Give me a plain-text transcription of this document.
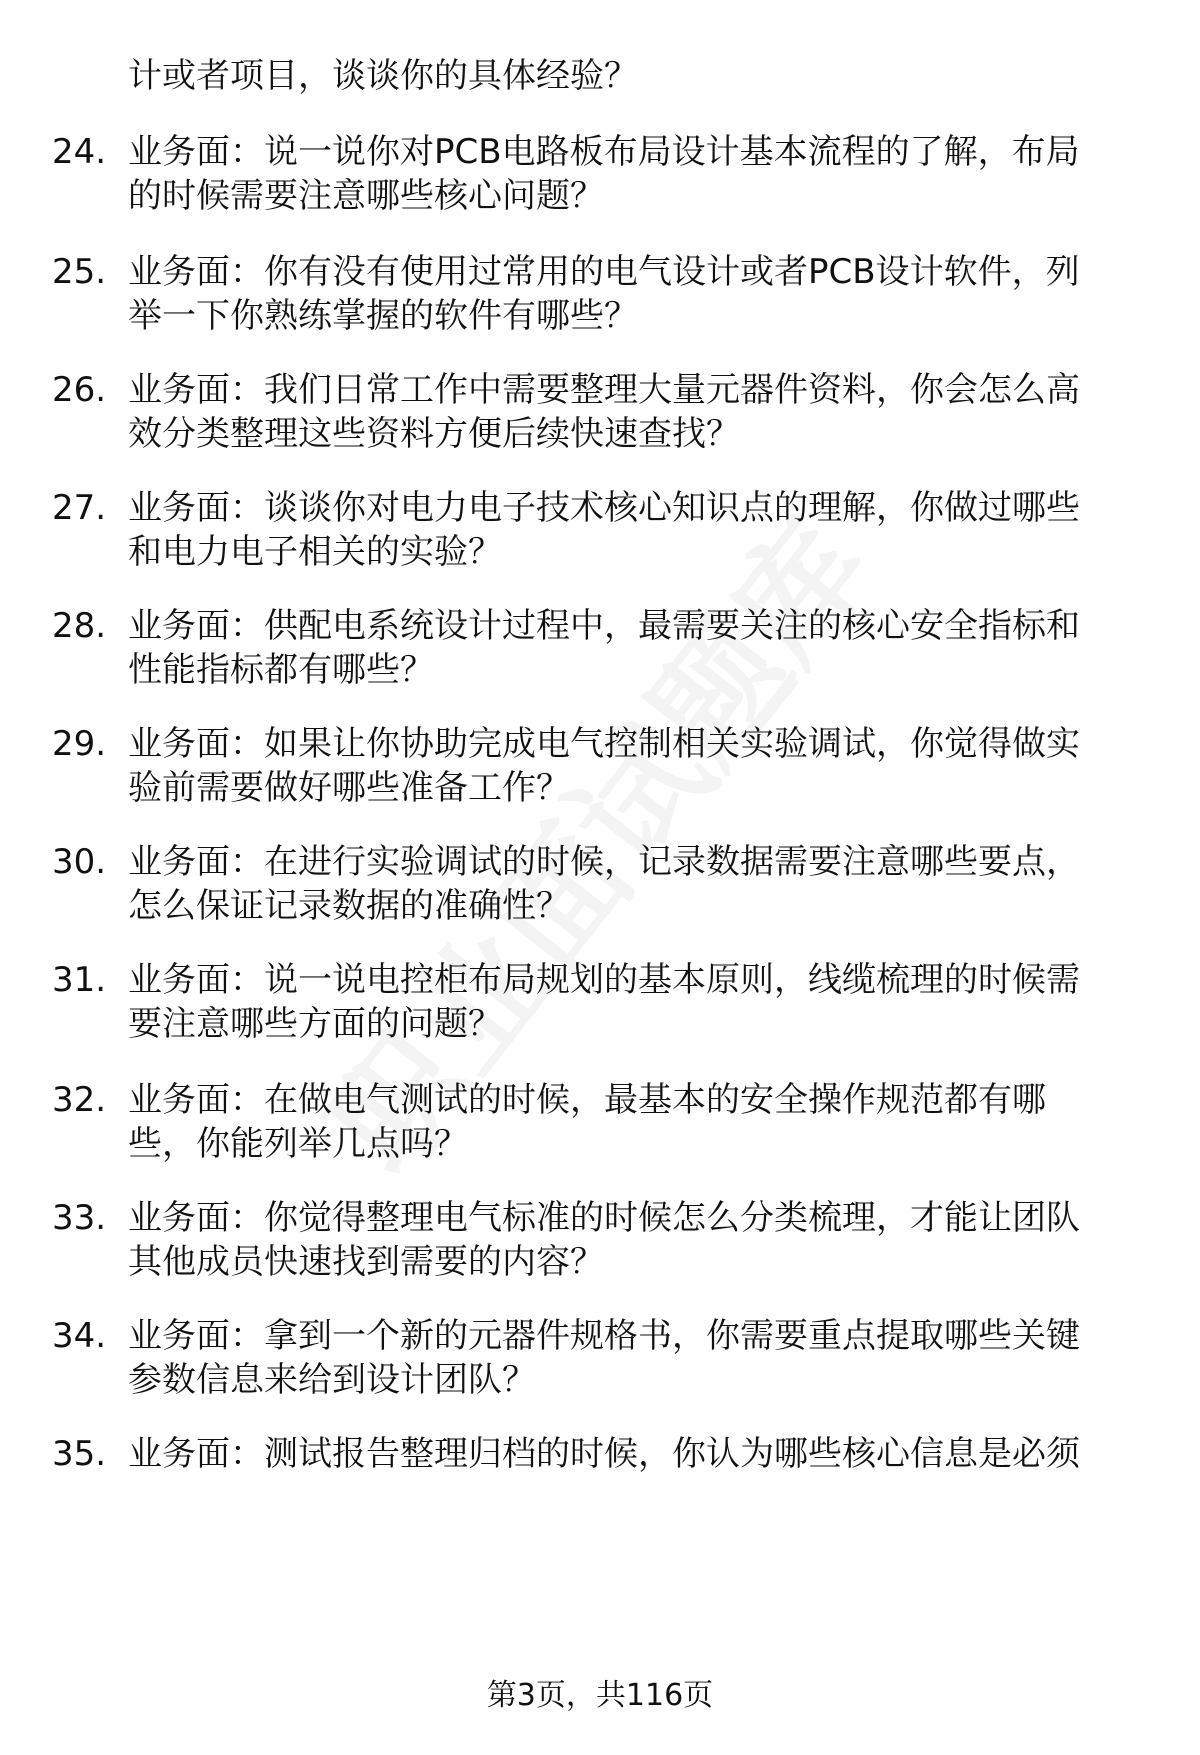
计或者项目，谈谈你的具体经验？
24. 业务面：说一说你对PCB电路板布局设计基本流程的了解，布局
的时候需要注意哪些核心问题？
25. 业务面：你有没有使用过常用的电气设计或者PCB设计软件，列
举一下你熟练掌握的软件有哪些？
26. 业务面：我们日常工作中需要整理大量元器件资料，你会怎么高
效分类整理这些资料方便后续快速查找？
27. 业务面：谈谈你对电力电子技术核心知识点的理解，你做过哪些
和电力电子相关的实验？
28. 业务面：供配电系统设计过程中，最需要关注的核心安全指标和
性能指标都有哪些？
29. 业务面：如果让你协助完成电气控制相关实验调试，你觉得做实
验前需要做好哪些准备工作？
30. 业务面：在进行实验调试的时候，记录数据需要注意哪些要点，
怎么保证记录数据的准确性？
31. 业务面：说一说电控柜布局规划的基本原则，线缆梳理的时候需
要注意哪些方面的问题？
32. 业务面：在做电气测试的时候，最基本的安全操作规范都有哪
些，你能列举几点吗？
33. 业务面：你觉得整理电气标准的时候怎么分类梳理，才能让团队
其他成员快速找到需要的内容？
34. 业务面：拿到一个新的元器件规格书，你需要重点提取哪些关键
参数信息来给到设计团队？
35. 业务面：测试报告整理归档的时候，你认为哪些核心信息是必须
第3页，共116页
